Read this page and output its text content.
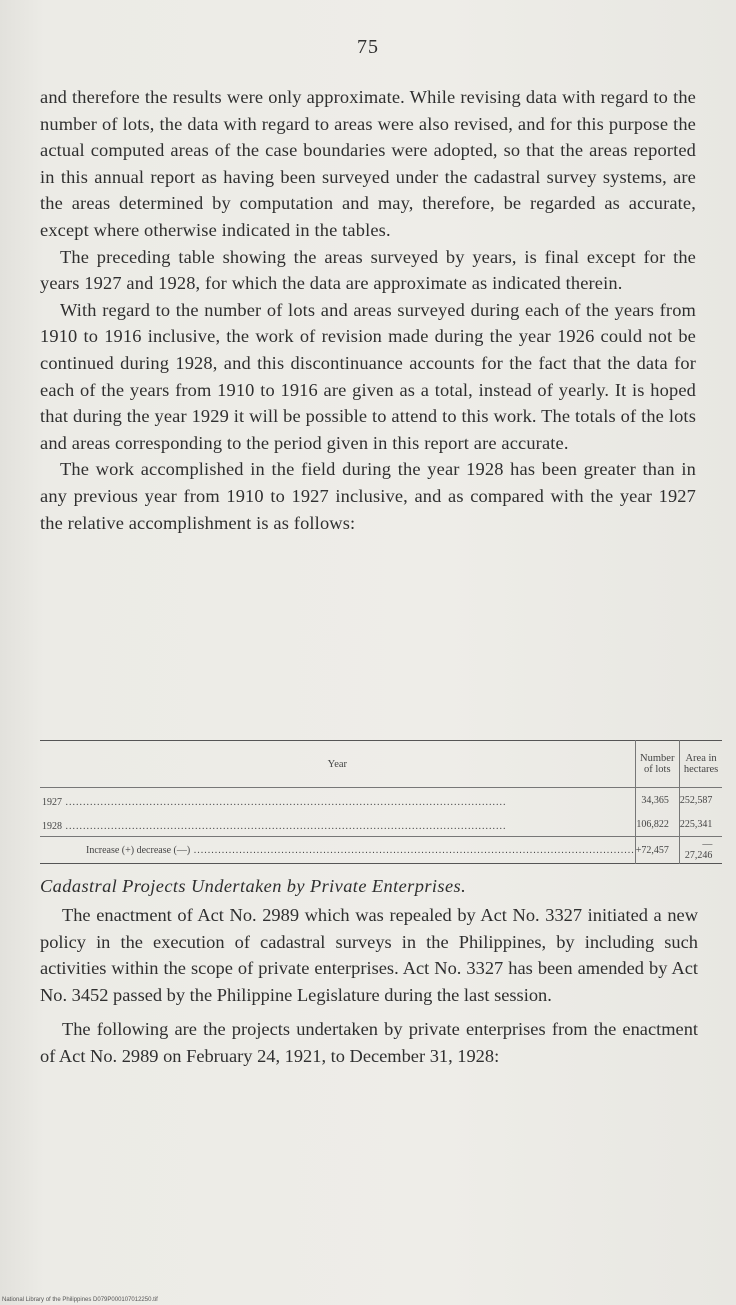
75

and therefore the results were only approximate. While revising data with regard to the number of lots, the data with regard to areas were also revised, and for this purpose the actual computed areas of the case boundaries were adopted, so that the areas reported in this annual report as having been surveyed under the cadastral survey systems, are the areas determined by computation and may, therefore, be regarded as accurate, except where otherwise indicated in the tables.

The preceding table showing the areas surveyed by years, is final except for the years 1927 and 1928, for which the data are approximate as indicated therein.

With regard to the number of lots and areas surveyed during each of the years from 1910 to 1916 inclusive, the work of revision made during the year 1926 could not be continued during 1928, and this discontinuance accounts for the fact that the data for each of the years from 1910 to 1916 are given as a total, instead of yearly. It is hoped that during the year 1929 it will be possible to attend to this work. The totals of the lots and areas corresponding to the period given in this report are accurate.

The work accomplished in the field during the year 1928 has been greater than in any previous year from 1910 to 1927 inclusive, and as compared with the year 1927 the relative accomplishment is as follows:

Year	Number of lots	Area in hectares
1927 .....	34,365	252,587
1928 .....	106,822	225,341
Increase (+) decrease (—) .....	+72,457	—27,246
Cadastral Projects Undertaken by Private Enterprises.

The enactment of Act No. 2989 which was repealed by Act No. 3327 initiated a new policy in the execution of cadastral surveys in the Philippines, by including such activities within the scope of private enterprises. Act No. 3327 has been amended by Act No. 3452 passed by the Philippine Legislature during the last session.

The following are the projects undertaken by private enterprises from the enactment of Act No. 2989 on February 24, 1921, to December 31, 1928:

National Library of the Philippines D079P000107012250.tif
